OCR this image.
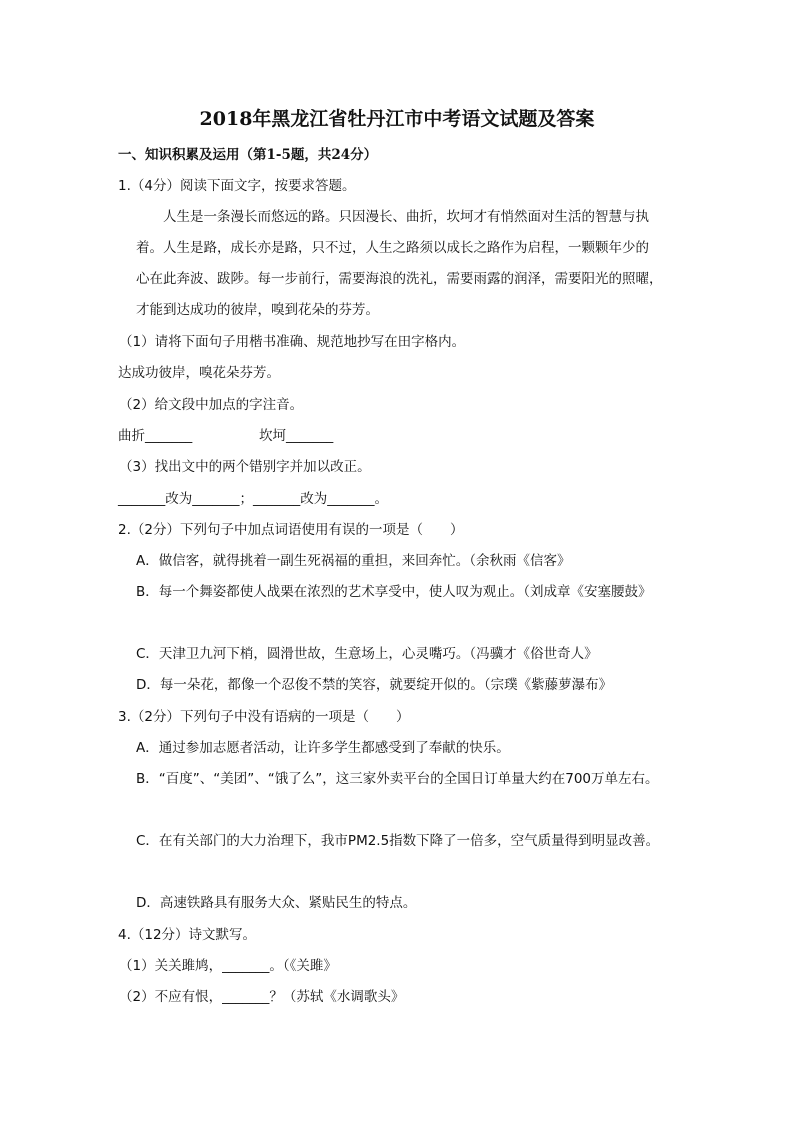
2018年黑龙江省牡丹江市中考语文试题及答案
一、知识积累及运用（第1-5题，共24分）
1.（4分）阅读下面文字，按要求答题。
人生是一条漫长而悠远的路。只因漫长、曲折，坎坷才有悄然面对生活的智慧与执
着。人生是路，成长亦是路，只不过，人生之路须以成长之路作为启程，一颗颗年少的
心在此奔波、跋陟。每一步前行，需要海浪的洗礼，需要雨露的润泽，需要阳光的照曜，
才能到达成功的彼岸，嗅到花朵的芬芳。
（1）请将下面句子用楷书准确、规范地抄写在田字格内。
达成功彼岸，嗅花朵芬芳。
（2）给文段中加点的字注音。
曲折_______	坎坷_______
（3）找出文中的两个错别字并加以改正。
_______改为_______；_______改为_______。
2.（2分）下列句子中加点词语使用有误的一项是（　　）
A．做信客，就得挑着一副生死祸福的重担，来回奔忙。（余秋雨《信客》
B．每一个舞姿都使人战栗在浓烈的艺术享受中，使人叹为观止。（刘成章《安塞腰鼓》
C．天津卫九河下梢，圆滑世故，生意场上，心灵嘴巧。（冯骥才《俗世奇人》
D．每一朵花，都像一个忍俊不禁的笑容，就要绽开似的。（宗璞《紫藤萝瀑布》
3.（2分）下列句子中没有语病的一项是（　　）
A．通过参加志愿者活动，让许多学生都感受到了奉献的快乐。
B．“百度”、“美团”、“饿了么”，这三家外卖平台的全国日订单量大约在700万单左右。
C．在有关部门的大力治理下，我市PM2.5指数下降了一倍多，空气质量得到明显改善。
D．高速铁路具有服务大众、紧贴民生的特点。
4.（12分）诗文默写。
（1）关关雎鸠，_______。（《关雎》
（2）不应有恨，_______？（苏轼《水调歌头》
